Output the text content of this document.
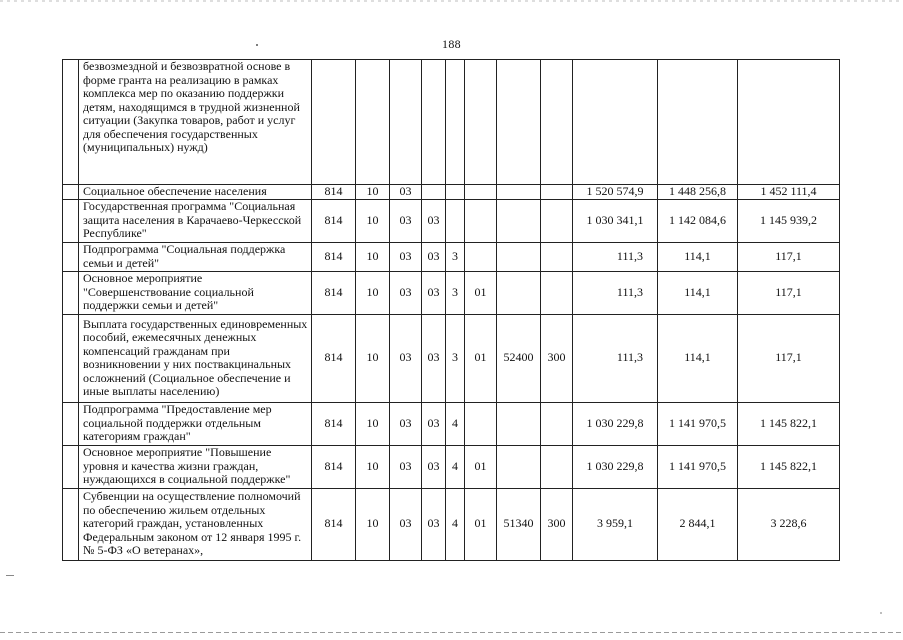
188
	безвозмездной и безвозвратной основе в форме гранта на реализацию в рамках комплекса мер по оказанию поддержки детям, находящимся в трудной жизненной ситуации (Закупка товаров, работ и услуг для обеспечения государственных (муниципальных) нужд)											
	Социальное обеспечение населения	814	10	03						1 520 574,9	1 448 256,8	1 452 111,4
	Государственная программа "Социальная защита населения в Карачаево-Черкесской Республике"	814	10	03	03					1 030 341,1	1 142 084,6	1 145 939,2
	Подпрограмма "Социальная поддержка семьи и детей"	814	10	03	03	3				111,3	114,1	117,1
	Основное мероприятие "Совершенствование социальной поддержки семьи и детей"	814	10	03	03	3	01			111,3	114,1	117,1
	Выплата государственных единовременных пособий, ежемесячных денежных компенсаций гражданам при возникновении у них поствакцинальных осложнений (Социальное обеспечение и иные выплаты населению)	814	10	03	03	3	01	52400	300	111,3	114,1	117,1
	Подпрограмма "Предоставление мер социальной поддержки отдельным категориям граждан"	814	10	03	03	4				1 030 229,8	1 141 970,5	1 145 822,1
	Основное мероприятие "Повышение уровня и качества жизни граждан, нуждающихся в социальной поддержке"	814	10	03	03	4	01			1 030 229,8	1 141 970,5	1 145 822,1
	Субвенции на осуществление полномочий по обеспечению жильем отдельных категорий граждан, установленных Федеральным законом от 12 января 1995 г. № 5-ФЗ «О ветеранах»,	814	10	03	03	4	01	51340	300	3 959,1	2 844,1	3 228,6
